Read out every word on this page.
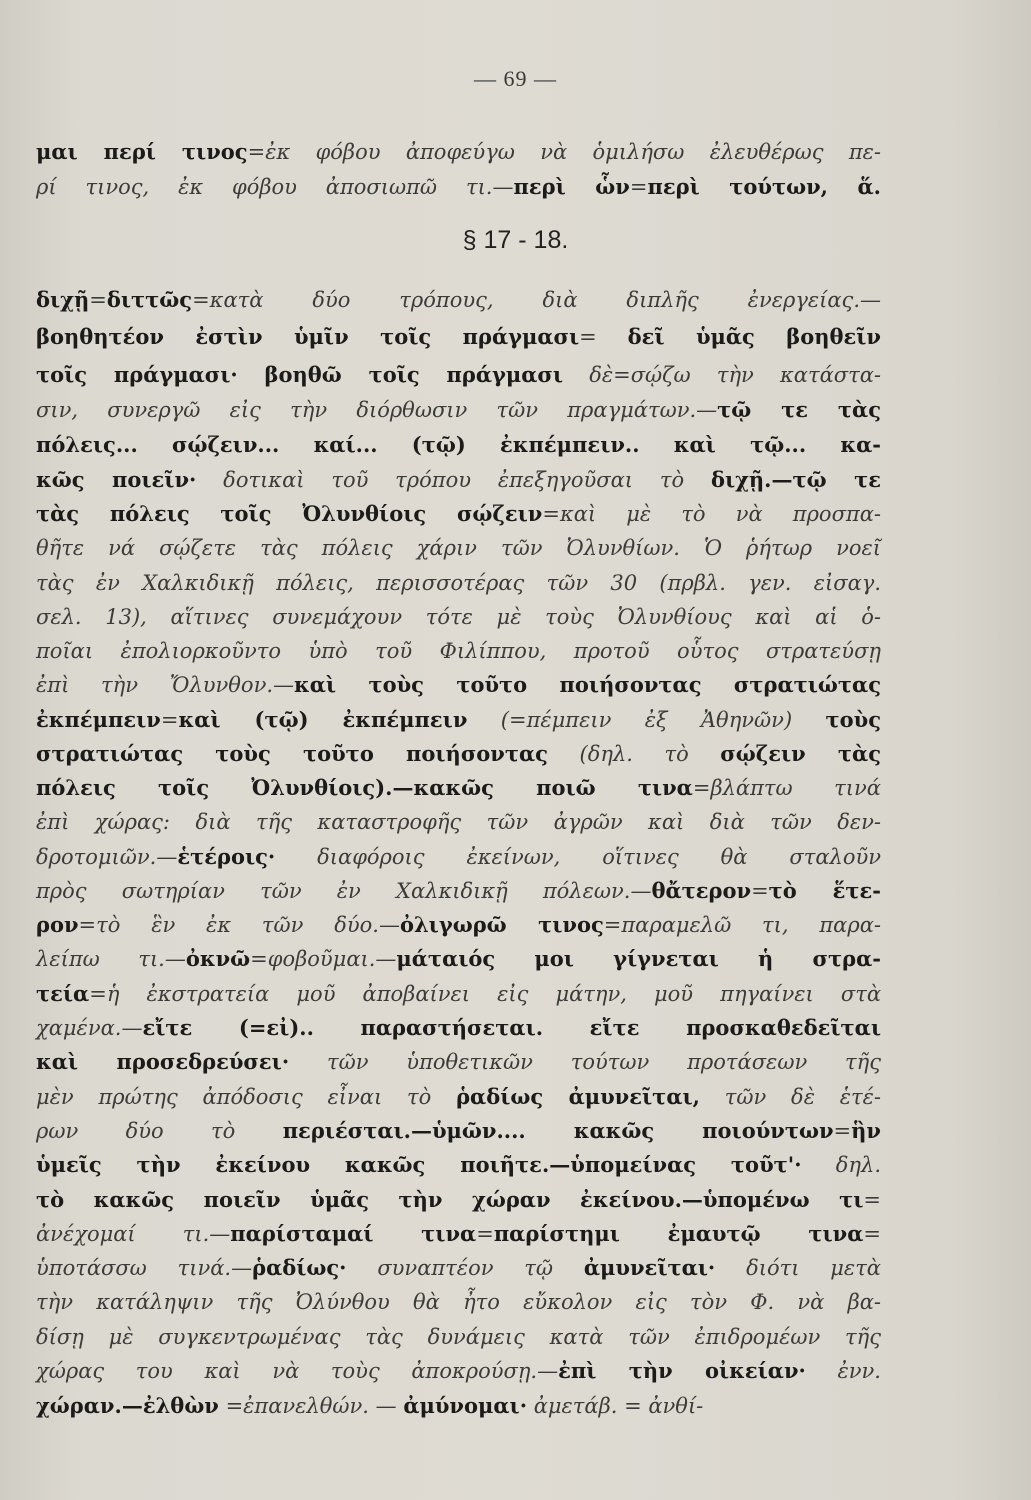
— 69 —
§ 17 - 18.
μαι περί τινος=ἐκ φόβου ἀποφεύγω νὰ ὁμιλήσω ἐλευθέρως πε-
ρί τινος, ἐκ φόβου ἀποσιωπῶ τι.—περὶ ὧν=περὶ τούτων, ἅ.
διχῇ=διττῶς=κατὰ δύο τρόπους, διὰ διπλῆς ἐνεργείας.—
βοηθητέον ἐστὶν ὑμῖν τοῖς πράγμασι= δεῖ ὑμᾶς βοηθεῖν
τοῖς πράγμασι· βοηθῶ τοῖς πράγμασι δὲ=σῴζω τὴν κατάστα-
σιν, συνεργῶ εἰς τὴν διόρθωσιν τῶν πραγμάτων.—τῷ τε τὰς
πόλεις... σῴζειν... καί... (τῷ) ἐκπέμπειν.. καὶ τῷ... κα-
κῶς ποιεῖν· δοτικαὶ τοῦ τρόπου ἐπεξηγοῦσαι τὸ διχῇ.—τῷ τε
τὰς πόλεις τοῖς Ὀλυνθίοις σῴζειν=καὶ μὲ τὸ νὰ προσπα-
θῆτε νά σῴζετε τὰς πόλεις χάριν τῶν Ὀλυνθίων. Ὁ ῥήτωρ νοεῖ
τὰς ἐν Χαλκιδικῇ πόλεις, περισσοτέρας τῶν 30 (πρβλ. γεν. εἰσαγ.
σελ. 13), αἵτινες συνεμάχουν τότε μὲ τοὺς Ὀλυνθίους καὶ αἱ ὁ-
ποῖαι ἐπολιορκοῦντο ὑπὸ τοῦ Φιλίππου, προτοῦ οὗτος στρατεύσῃ
ἐπὶ τὴν Ὄλυνθον.—καὶ τοὺς τοῦτο ποιήσοντας στρατιώτας
ἐκπέμπειν=καὶ (τῷ) ἐκπέμπειν (=πέμπειν ἐξ Ἀθηνῶν) τοὺς
στρατιώτας τοὺς τοῦτο ποιήσοντας (δηλ. τὸ σῴζειν τὰς
πόλεις τοῖς Ὀλυνθίοις).—κακῶς ποιῶ τινα=βλάπτω τινά
ἐπὶ χώρας: διὰ τῆς καταστροφῆς τῶν ἀγρῶν καὶ διὰ τῶν δεν-
δροτομιῶν.—ἑτέροις· διαφόροις ἐκείνων, οἵτινες θὰ σταλοῦν
πρὸς σωτηρίαν τῶν ἐν Χαλκιδικῇ πόλεων.—θἄτερον=τὸ ἕτε-
ρον=τὸ ἓν ἐκ τῶν δύο.—ὀλιγωρῶ τινος=παραμελῶ τι, παρα-
λείπω τι.—ὀκνῶ=φοβοῦμαι.—μάταιός μοι γίγνεται ἡ στρα-
τεία=ἡ ἐκστρατεία μοῦ ἀποβαίνει εἰς μάτην, μοῦ πηγαίνει στὰ
χαμένα.—εἴτε (=εἰ).. παραστήσεται. εἴτε προσκαθεδεῖται
καὶ προσεδρεύσει· τῶν ὑποθετικῶν τούτων προτάσεων τῆς
μὲν πρώτης ἀπόδοσις εἶναι τὸ ῥαδίως ἀμυνεῖται, τῶν δὲ ἑτέ-
ρων δύο τὸ περιέσται.—ὑμῶν.... κακῶς ποιούντων=ἣν
ὑμεῖς τὴν ἐκείνου κακῶς ποιῆτε.—ὑπομείνας τοῦτ'· δηλ.
τὸ κακῶς ποιεῖν ὑμᾶς τὴν χώραν ἐκείνου.—ὑπομένω τι=
ἀνέχομαί τι.—παρίσταμαί τινα=παρίστημι ἐμαυτῷ τινα=
ὑποτάσσω τινά.—ῥαδίως· συναπτέον τῷ ἀμυνεῖται· διότι μετὰ
τὴν κατάληψιν τῆς Ὀλύνθου θὰ ἦτο εὔκολον εἰς τὸν Φ. νὰ βα-
δίσῃ μὲ συγκεντρωμένας τὰς δυνάμεις κατὰ τῶν ἐπιδρομέων τῆς
χώρας του καὶ νὰ τοὺς ἀποκρούσῃ.—ἐπὶ τὴν οἰκείαν· ἐνν.
χώραν.—ἐλθὼν =ἐπανελθών. — ἀμύνομαι· ἀμετάβ. = ἀνθί-
